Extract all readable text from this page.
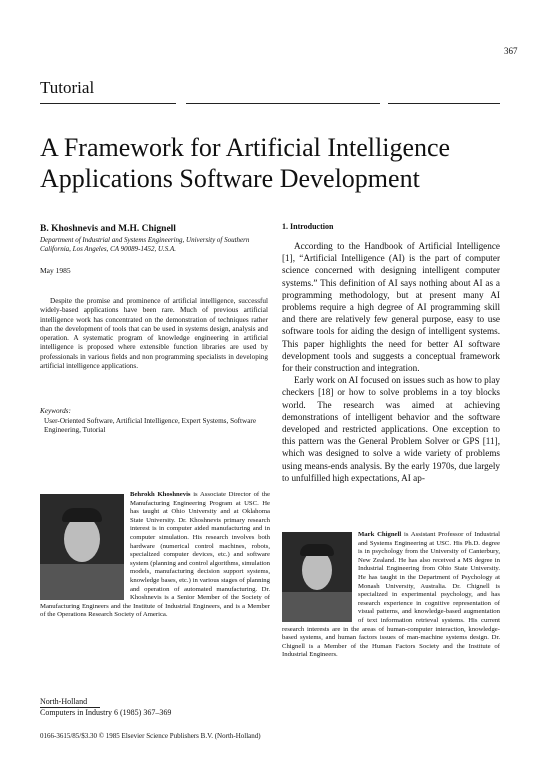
367
Tutorial
A Framework for Artificial Intelligence
Applications Software Development
B. Khoshnevis and M.H. Chignell
Department of Industrial and Systems Engineering, University of Southern California, Los Angeles, CA 90089-1452, U.S.A.
May 1985
Despite the promise and prominence of artificial intelligence, successful widely-based applications have been rare. Much of previous artificial intelligence work has concentrated on the demonstration of techniques rather than the development of tools that can be used in systems design, analysis and operation. A systematic program of knowledge engineering in artificial intelligence is proposed where extensible function libraries are used by professionals in various fields and non programming specialists in developing artificial intelligence applications.
Keywords: User-Oriented Software, Artificial Intelligence, Expert Systems, Software Engineering, Tutorial
Behrokh Khoshnevis is Associate Director of the Manufacturing Engineering Program at USC. He has taught at Ohio University and at Oklahoma State University. Dr. Khoshnevis primary research interest is in computer aided manufacturing and in computer simulation. His research involves both hardware (numerical control machines, robots, specialized computer devices, etc.) and software system (planning and control algorithms, simulation models, manufacturing decision support systems, knowledge bases, etc.) in various stages of planning and operation of automated manufacturing. Dr. Khoshnevis is a Senior Member of the Society of Manufacturing Engineers and the Institute of Industrial Engineers, and is a Member of the Operations Research Society of America.
North-Holland
Computers in Industry 6 (1985) 367–369
0166-3615/85/$3.30 © 1985 Elsevier Science Publishers B.V. (North-Holland)
1. Introduction

According to the Handbook of Artificial Intelligence [1], “Artificial Intelligence (AI) is the part of computer science concerned with designing intelligent computer systems.” This definition of AI says nothing about AI as a programming methodology, but at present many AI problems require a high degree of AI programming skill and there are relatively few general purpose, easy to use software tools for aiding the design of intelligent systems. This paper highlights the need for better AI software development tools and suggests a conceptual framework for their construction and integration.

Early work on AI focused on issues such as how to play checkers [18] or how to solve problems in a toy blocks world. The research was aimed at achieving demonstrations of intelligent behavior and the software developed and restricted applications. One exception to this pattern was the General Problem Solver or GPS [11], which was designed to solve a wide variety of problems using means-ends analysis. By the early 1970s, due largely to unfulfilled high expectations, AI ap-

Mark Chignell is Assistant Professor of Industrial and Systems Engineering at USC. His Ph.D. degree is in psychology from the University of Canterbury, New Zealand. He has also received a MS degree in Industrial Engineering from Ohio State University. He has taught in the Department of Psychology at Monash University, Australia. Dr. Chignell is specialized in experimental psychology, and has research experience in cognitive representation of visual patterns, and knowledge-based augmentation of text information retrieval systems. His current research interests are in the areas of human-computer interaction, knowledge-based systems, and human factors issues of man-machine systems design. Dr. Chignell is a Member of the Human Factors Society and the Institute of Industrial Engineers.
